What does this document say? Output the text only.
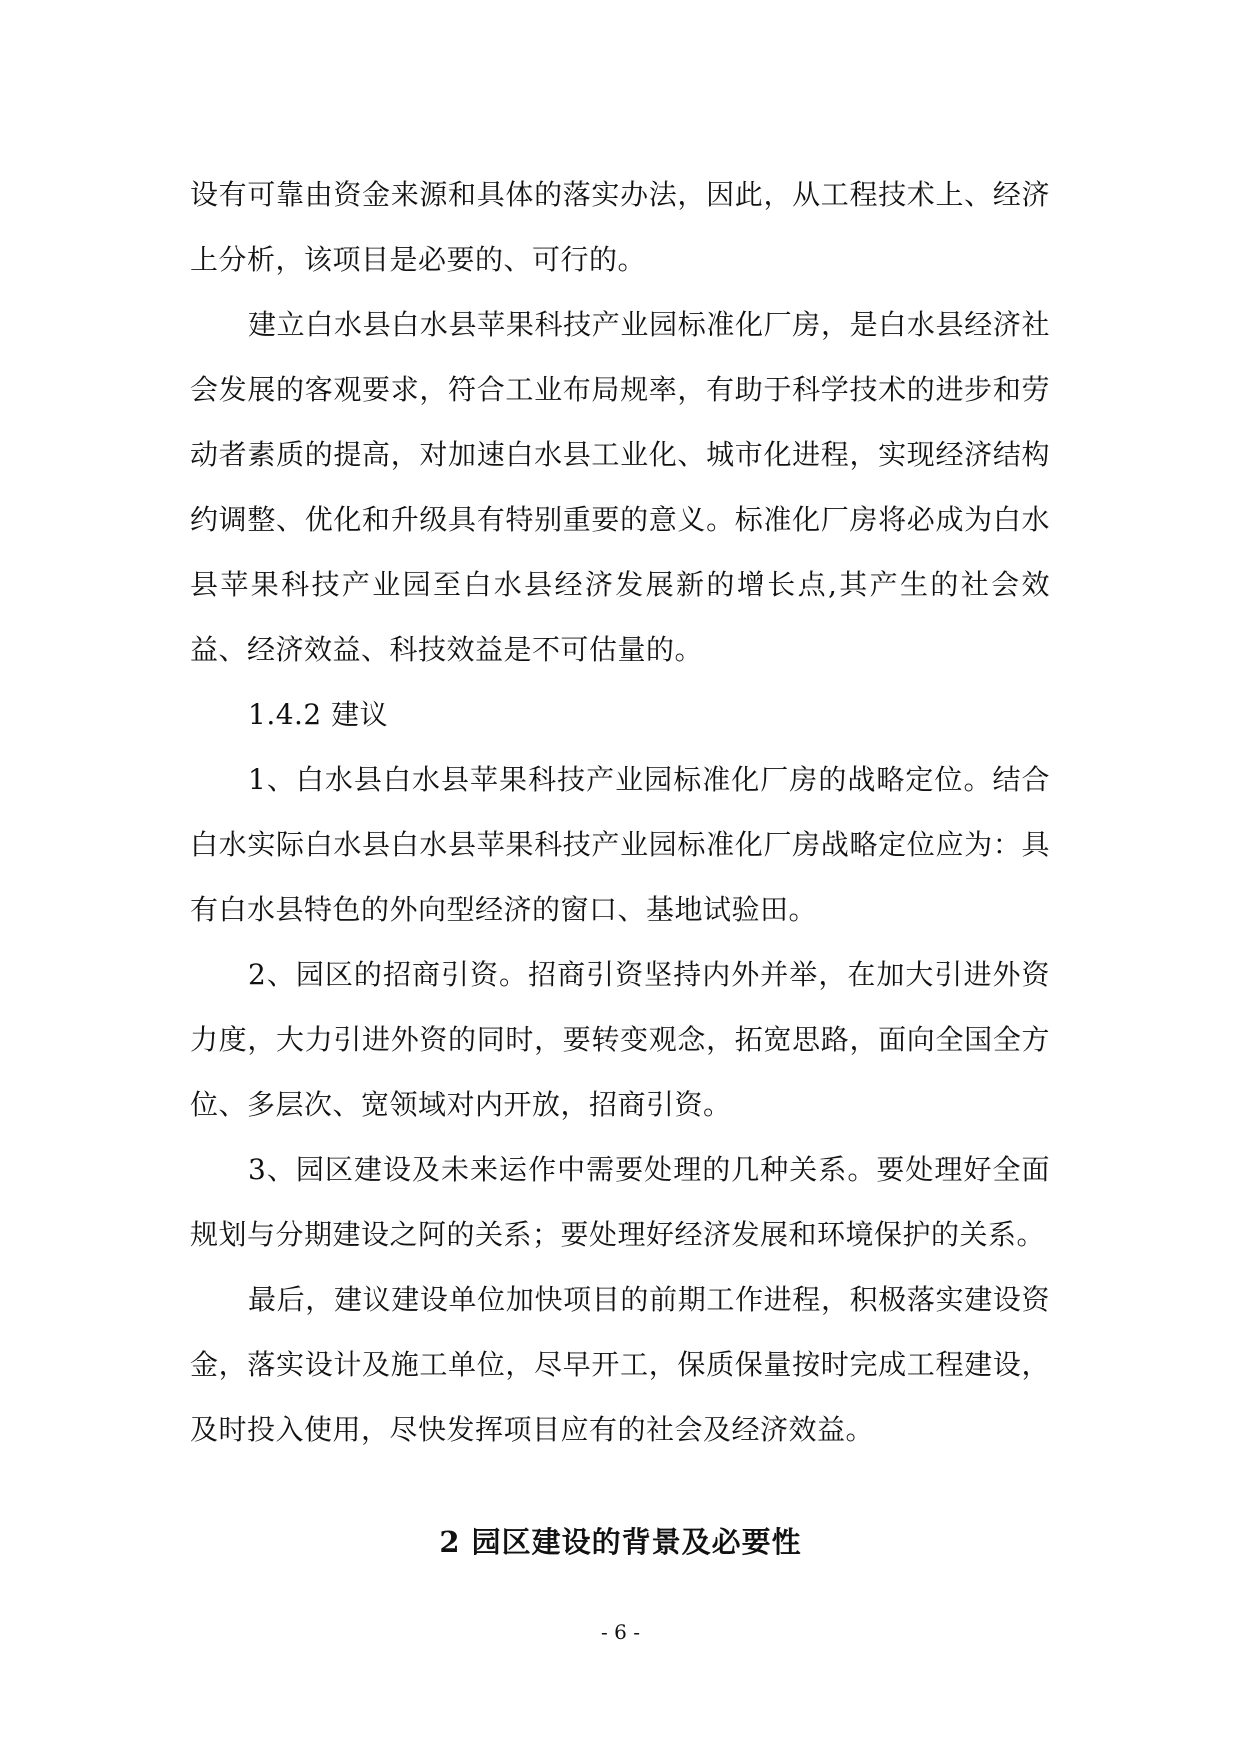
设有可靠由资金来源和具体的落实办法，因此，从工程技术上、经济上分析，该项目是必要的、可行的。

建立白水县白水县苹果科技产业园标准化厂房，是白水县经济社会发展的客观要求，符合工业布局规率，有助于科学技术的进步和劳动者素质的提高，对加速白水县工业化、城市化进程，实现经济结构约调整、优化和升级具有特别重要的意义。标准化厂房将必成为白水县苹果科技产业园至白水县经济发展新的增长点,其产生的社会效益、经济效益、科技效益是不可估量的。

1.4.2 建议

1、白水县白水县苹果科技产业园标准化厂房的战略定位。结合白水实际白水县白水县苹果科技产业园标准化厂房战略定位应为：具有白水县特色的外向型经济的窗口、基地试验田。

2、园区的招商引资。招商引资坚持内外并举，在加大引进外资力度，大力引进外资的同时，要转变观念，拓宽思路，面向全国全方位、多层次、宽领域对内开放，招商引资。

3、园区建设及未来运作中需要处理的几种关系。要处理好全面规划与分期建设之阿的关系；要处理好经济发展和环境保护的关系。

最后，建议建设单位加快项目的前期工作进程，积极落实建设资金，落实设计及施工单位，尽早开工，保质保量按时完成工程建设，及时投入使用，尽快发挥项目应有的社会及经济效益。

2 园区建设的背景及必要性
- 6 -
